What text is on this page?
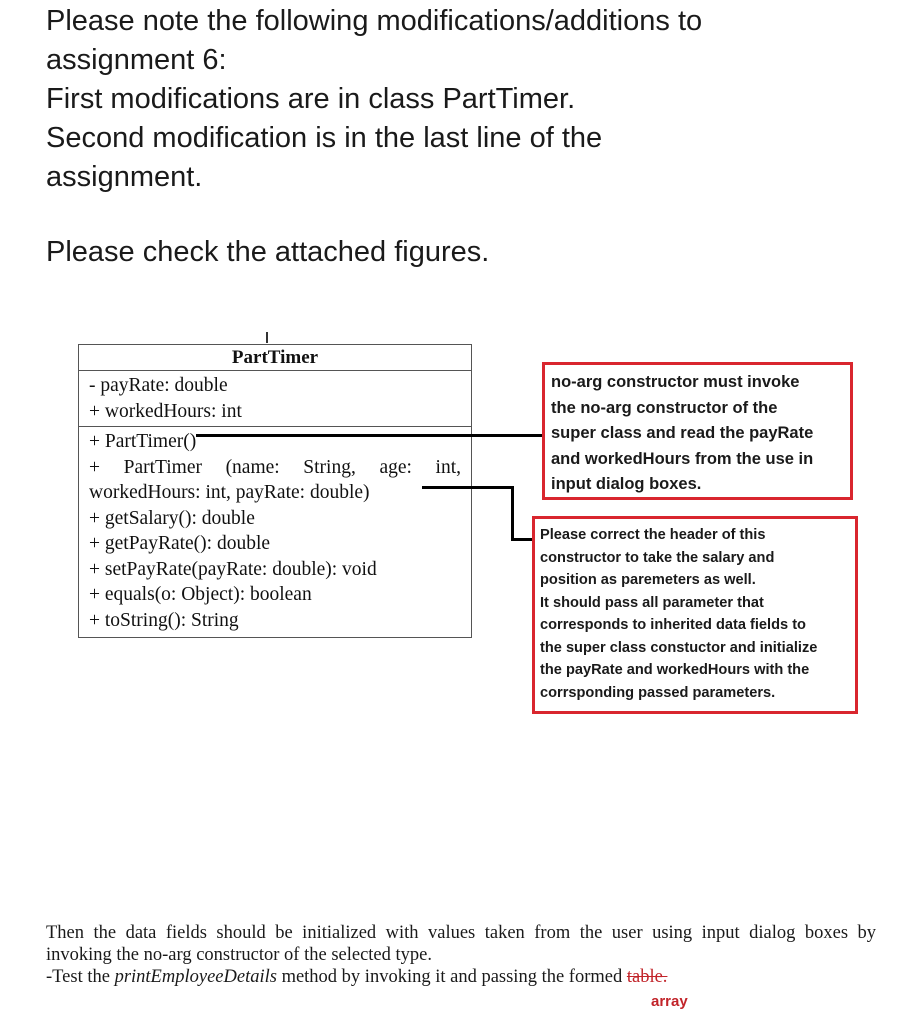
Please note the following modifications/additions to
assignment 6:
First modifications are in class PartTimer.
Second modification is in the last line of the
assignment.
Please check the attached figures.
PartTimer
- payRate: double
+ workedHours: int
+ PartTimer()
+ PartTimer (name: String, age: int,
workedHours: int, payRate: double)
+ getSalary(): double
+ getPayRate(): double
+ setPayRate(payRate: double): void
+ equals(o: Object): boolean
+ toString(): String
no-arg constructor must invoke
the no-arg constructor of the
super class and read the payRate
and workedHours from the use in
input dialog boxes.
Please correct the header of this
constructor to take the salary and
position as paremeters as well.
It should pass all parameter that
corresponds to inherited data fields to
the super class constuctor and initialize
the payRate and workedHours with the
corrsponding passed parameters.
Then the data fields should be initialized with values taken from the user using input dialog boxes by
invoking the no-arg constructor of the selected type.
-Test the printEmployeeDetails method by invoking it and passing the formed table.
array
